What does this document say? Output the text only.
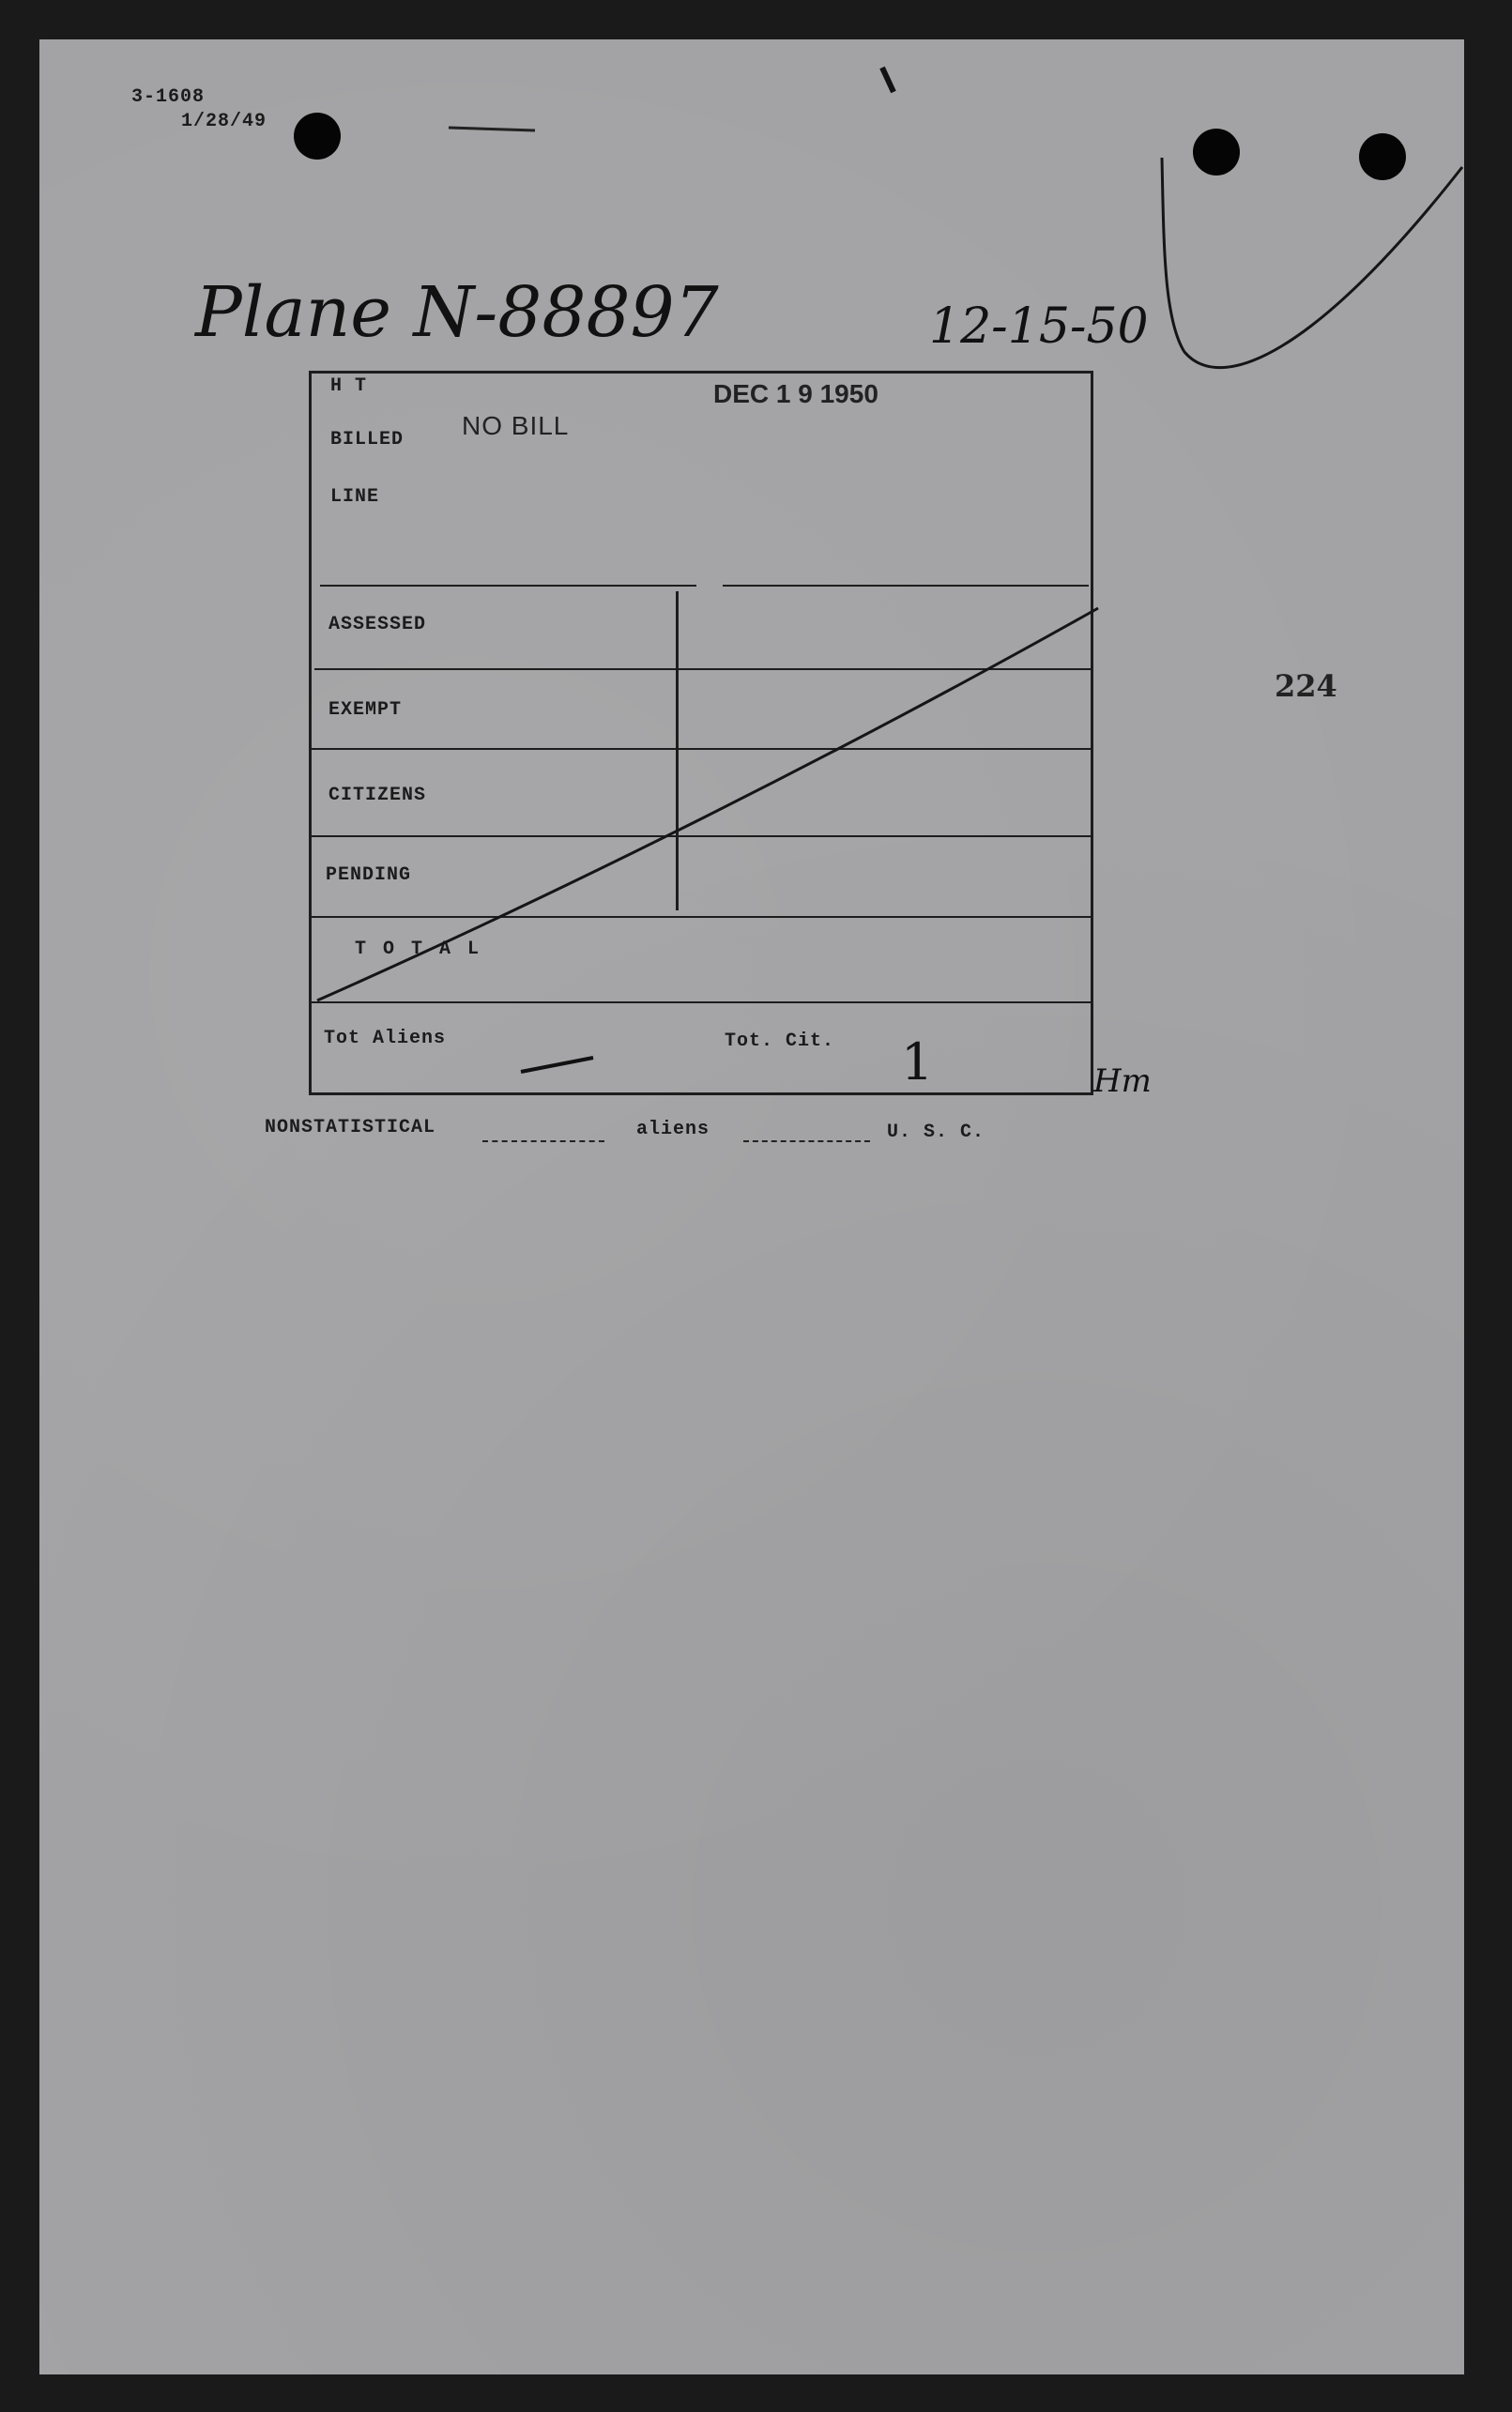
3-1608
1/28/49
Plane N-88897	12-15-50
224
H T
BILLED NO BILL
DEC 1 9 1950
LINE
ASSESSED
EXEMPT
CITIZENS
PENDING
T O T A L
Tot Aliens	Tot. Cit. 1	Hm
NONSTATISTICAL	aliens	U. S. C.
